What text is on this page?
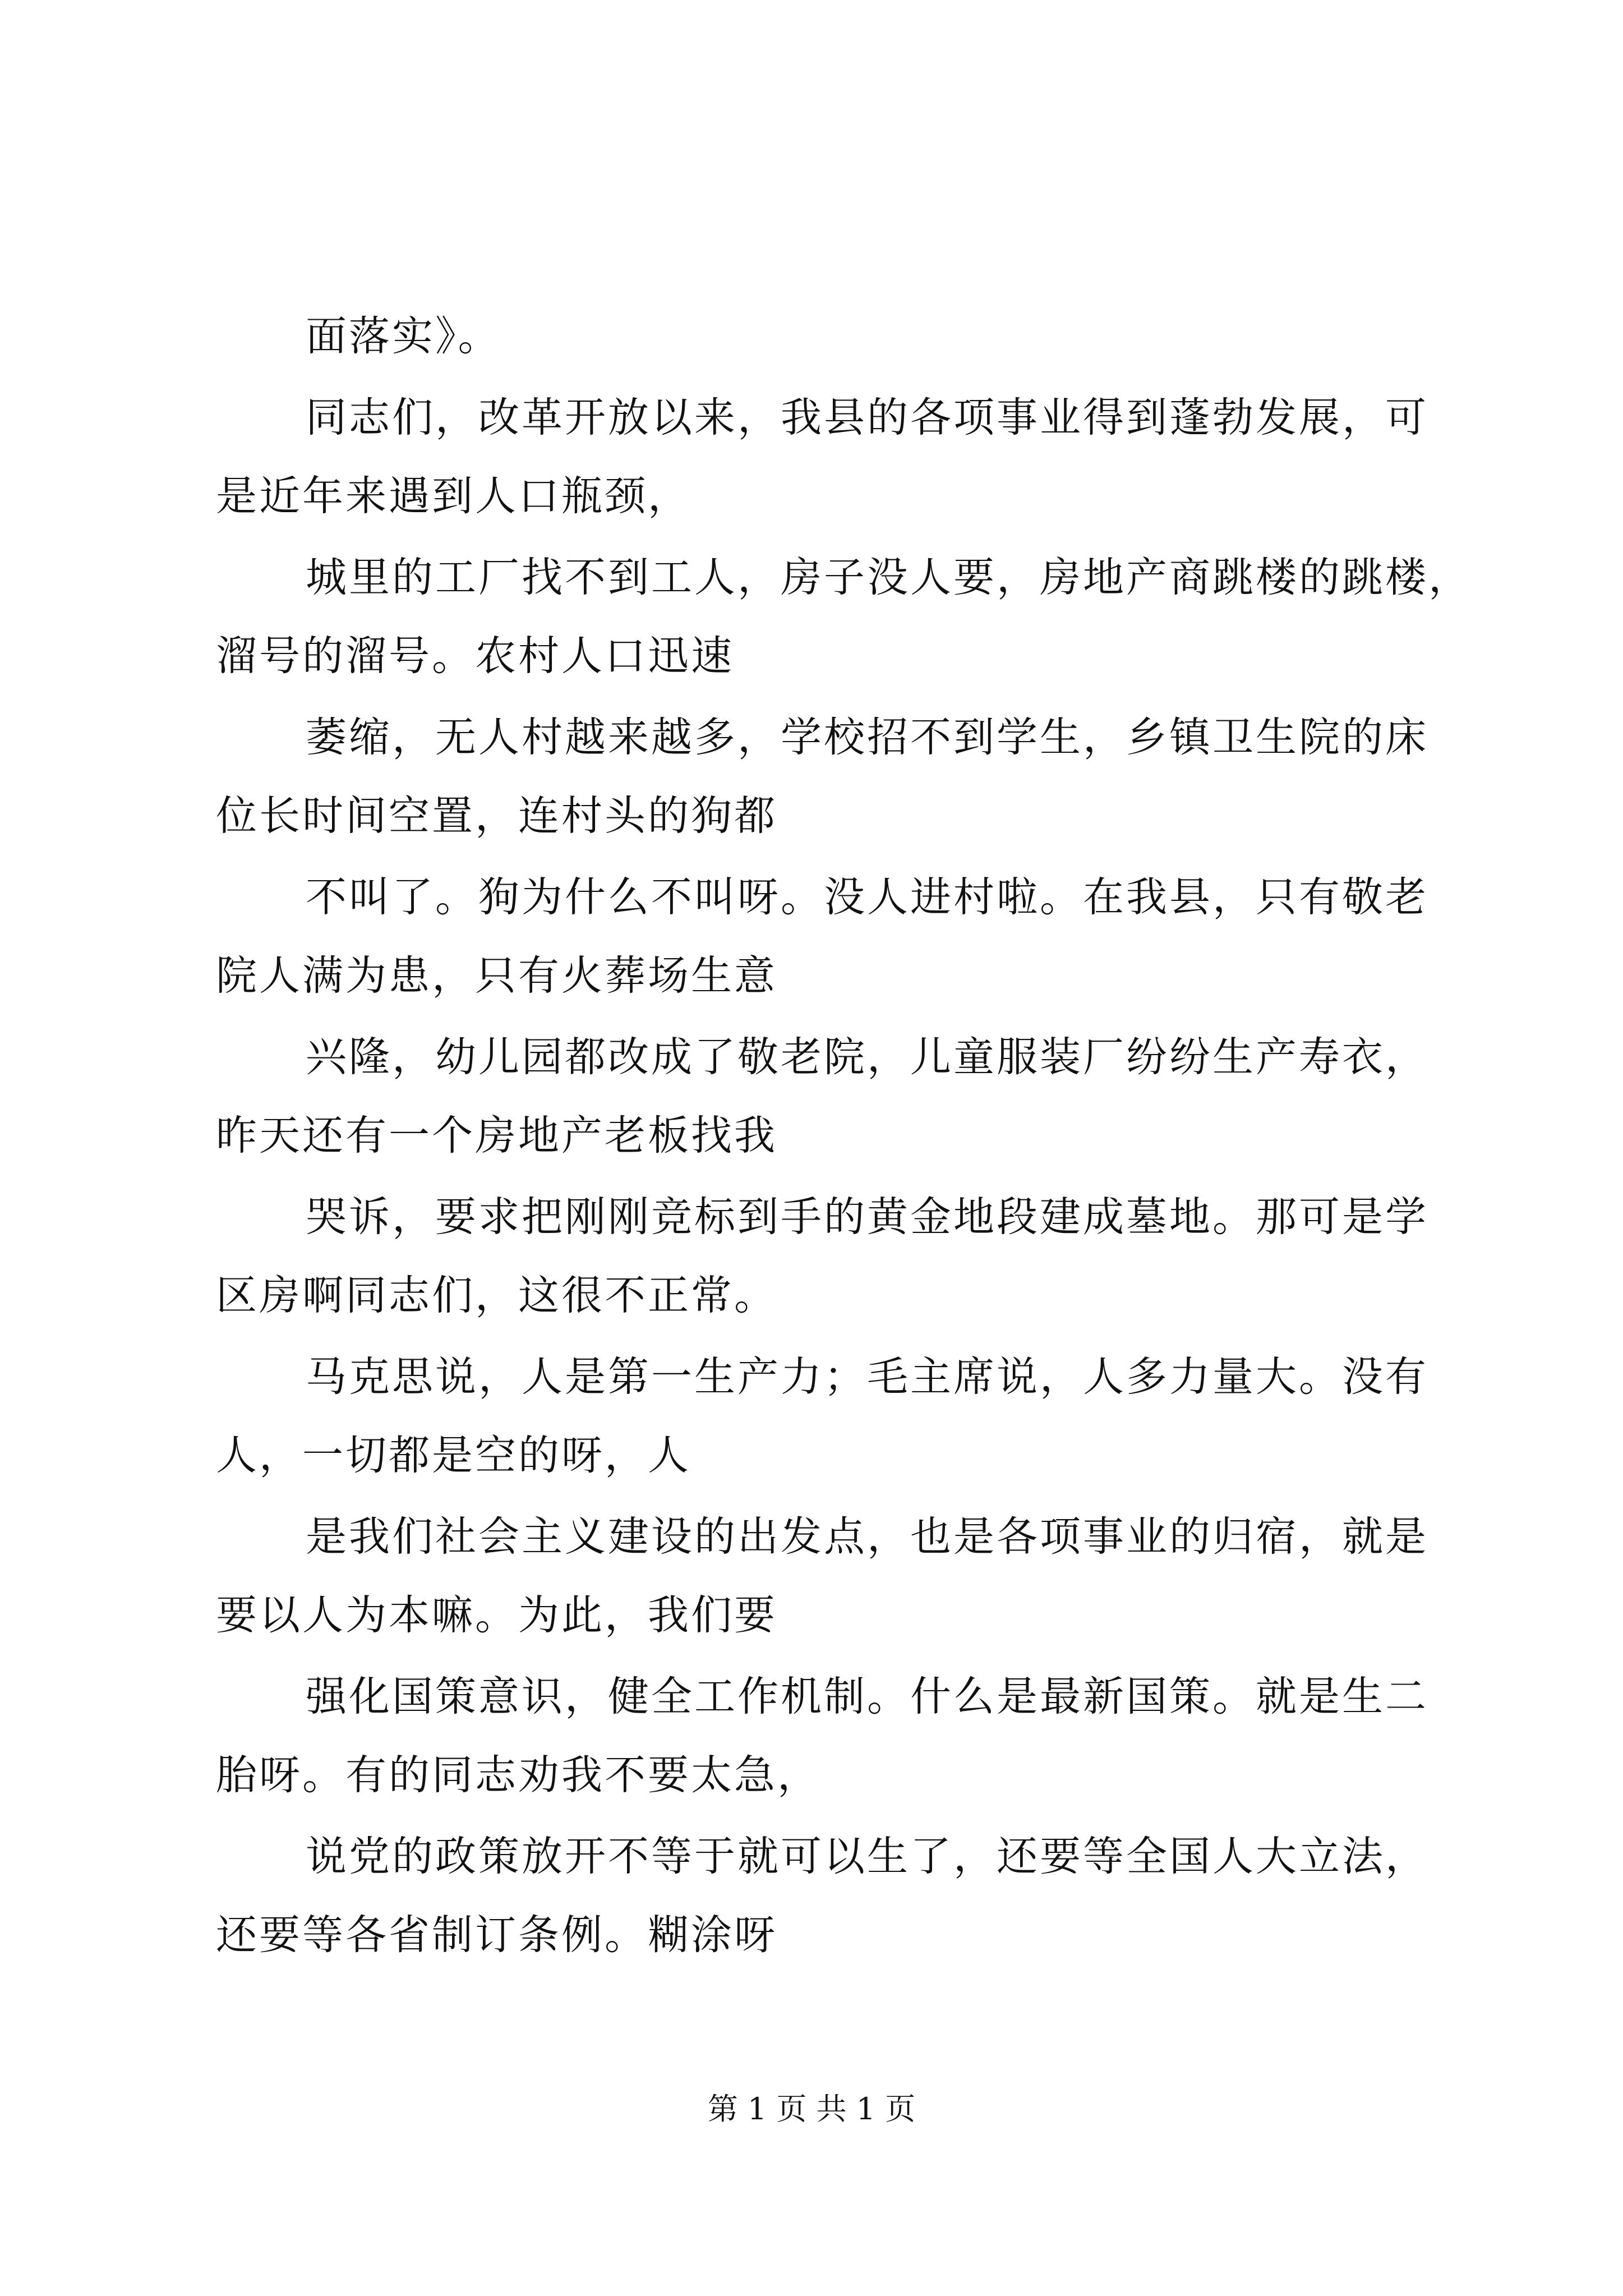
面落实》。
同志们，改革开放以来，我县的各项事业得到蓬勃发展，可
是近年来遇到人口瓶颈，
城里的工厂找不到工人，房子没人要，房地产商跳楼的跳楼，
溜号的溜号。农村人口迅速
萎缩，无人村越来越多，学校招不到学生，乡镇卫生院的床
位长时间空置，连村头的狗都
不叫了。狗为什么不叫呀。没人进村啦。在我县，只有敬老
院人满为患，只有火葬场生意
兴隆，幼儿园都改成了敬老院，儿童服装厂纷纷生产寿衣，
昨天还有一个房地产老板找我
哭诉，要求把刚刚竞标到手的黄金地段建成墓地。那可是学
区房啊同志们，这很不正常。
马克思说，人是第一生产力；毛主席说，人多力量大。没有
人，一切都是空的呀，人
是我们社会主义建设的出发点，也是各项事业的归宿，就是
要以人为本嘛。为此，我们要
强化国策意识，健全工作机制。什么是最新国策。就是生二
胎呀。有的同志劝我不要太急，
说党的政策放开不等于就可以生了，还要等全国人大立法，
还要等各省制订条例。糊涂呀
第 1 页 共 1 页
